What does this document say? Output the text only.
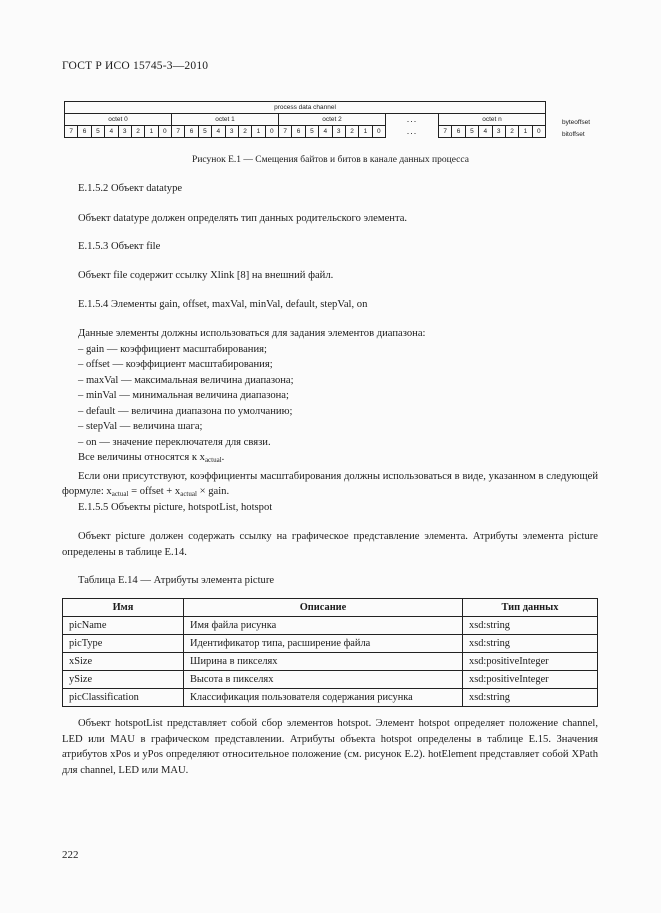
ГОСТ Р ИСО 15745-3—2010
process data channel																																
octet 0								octet 1								octet 2								...	octet n							
7	6	5	4	3	2	1	0	7	6	5	4	3	2	1	0	7	6	5	4	3	2	1	0	...	7	6	5	4	3	2	1	0
byteoffset
bitoffset
Рисунок Е.1 — Смещения байтов и битов в канале данных процесса
Е.1.5.2 Объект datatype
Объект datatype должен определять тип данных родительского элемента.
Е.1.5.3 Объект file
Объект file содержит ссылку Xlink [8] на внешний файл.
Е.1.5.4 Элементы gain, offset, maxVal, minVal, default, stepVal, on
Данные элементы должны использоваться для задания элементов диапазона:
– gain — коэффициент масштабирования;
– offset — коэффициент масштабирования;
– maxVal — максимальная величина диапазона;
– minVal — минимальная величина диапазона;
– default — величина диапазона по умолчанию;
– stepVal — величина шага;
– on — значение переключателя для связи.
Все величины относятся к $x_{actual}$.
Если они присутствуют, коэффициенты масштабирования должны использоваться в виде, указанном в следующей формуле: $x_{actual}$ = offset + $x_{actual}$ × gain.
Е.1.5.5 Объекты picture, hotspotList, hotspot
Объект picture должен содержать ссылку на графическое представление элемента. Атрибуты элемента picture определены в таблице Е.14.
Таблица Е.14 — Атрибуты элемента picture
Имя	Описание	Тип данных
picName	Имя файла рисунка	xsd:string
picType	Идентификатор типа, расширение файла	xsd:string
xSize	Ширина в пикселях	xsd:positiveInteger
ySize	Высота в пикселях	xsd:positiveInteger
picClassification	Классификация пользователя содержания рисунка	xsd:string
Объект hotspotList представляет собой сбор элементов hotspot. Элемент hotspot определяет положение channel, LED или MAU в графическом представлении. Атрибуты объекта hotspot определены в таблице Е.15. Значения атрибутов xPos и yPos определяют относительное положение (см. рисунок Е.2). hotElement представляет собой XPath для channel, LED или MAU.
222
